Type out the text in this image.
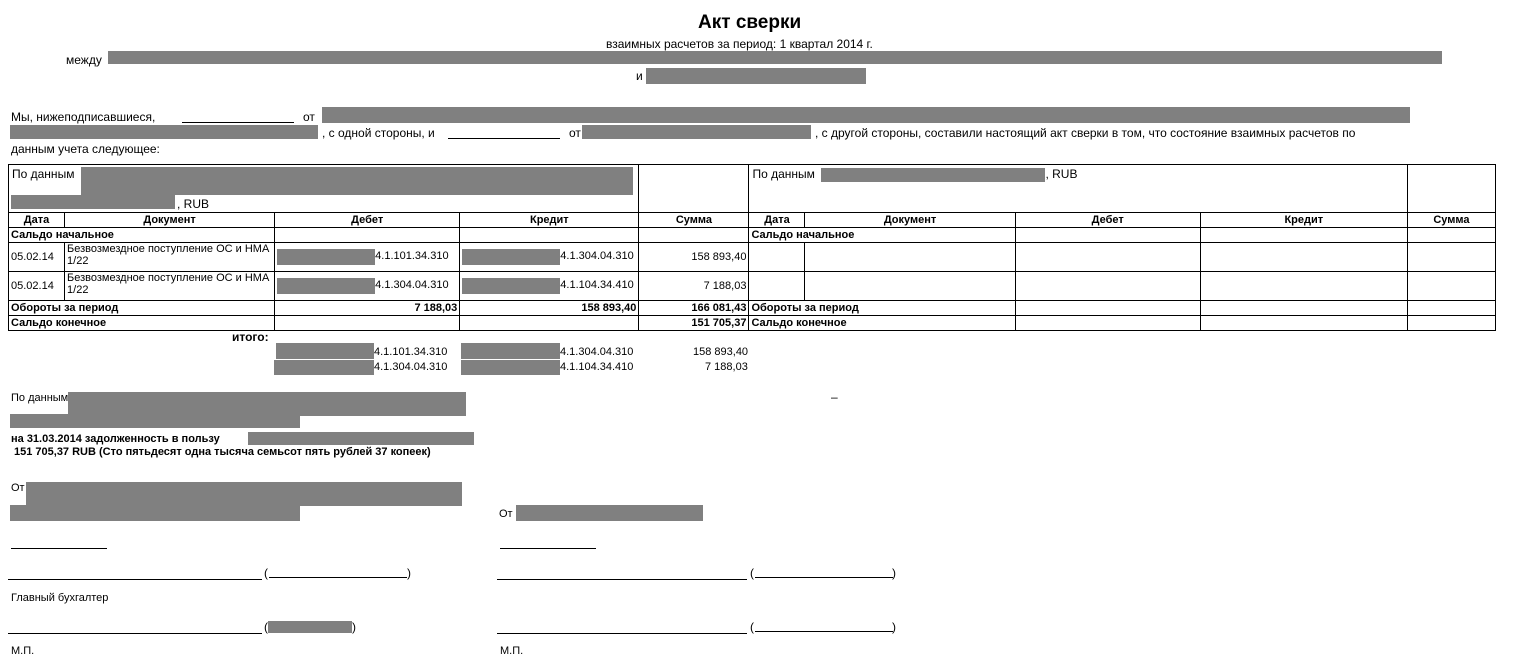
Акт сверки
взаимных расчетов за период: 1 квартал 2014 г.
между
и
Мы, нижеподписавшиеся,	от
, с одной стороны, и	от	, с другой стороны, составили настоящий акт сверки в том, что состояние взаимных расчетов по
данным учета следующее:
По данным
, RUB					По данным , RUB				

Дата	Документ	Дебет	Кредит	Сумма	Дата	Документ	Дебет	Кредит	Сумма
Сальдо начальное					Сальдо начальное				
05.02.14	Безвозмездное поступление ОС и НМА 1/22	4.1.101.34.310	4.1.304.04.310	158 893,40					
05.02.14	Безвозмездное поступление ОС и НМА 1/22	4.1.304.04.310	4.1.104.34.410	7 188,03					
Обороты за период		7 188,03	158 893,40	166 081,43	Обороты за период				
Сальдо конечное				151 705,37	Сальдо конечное				
итого:
4.1.101.34.310	4.1.304.04.310	158 893,40
4.1.304.04.310	4.1.104.34.410	7 188,03
По данным	–
на 31.03.2014 задолженность в пользу
151 705,37 RUB (Сто пятьдесят одна тысяча семьсот пять рублей 37 копеек)
От
(	)
Главный бухгалтер
(	)
М.П.
От
(	)
(	)
М.П.
